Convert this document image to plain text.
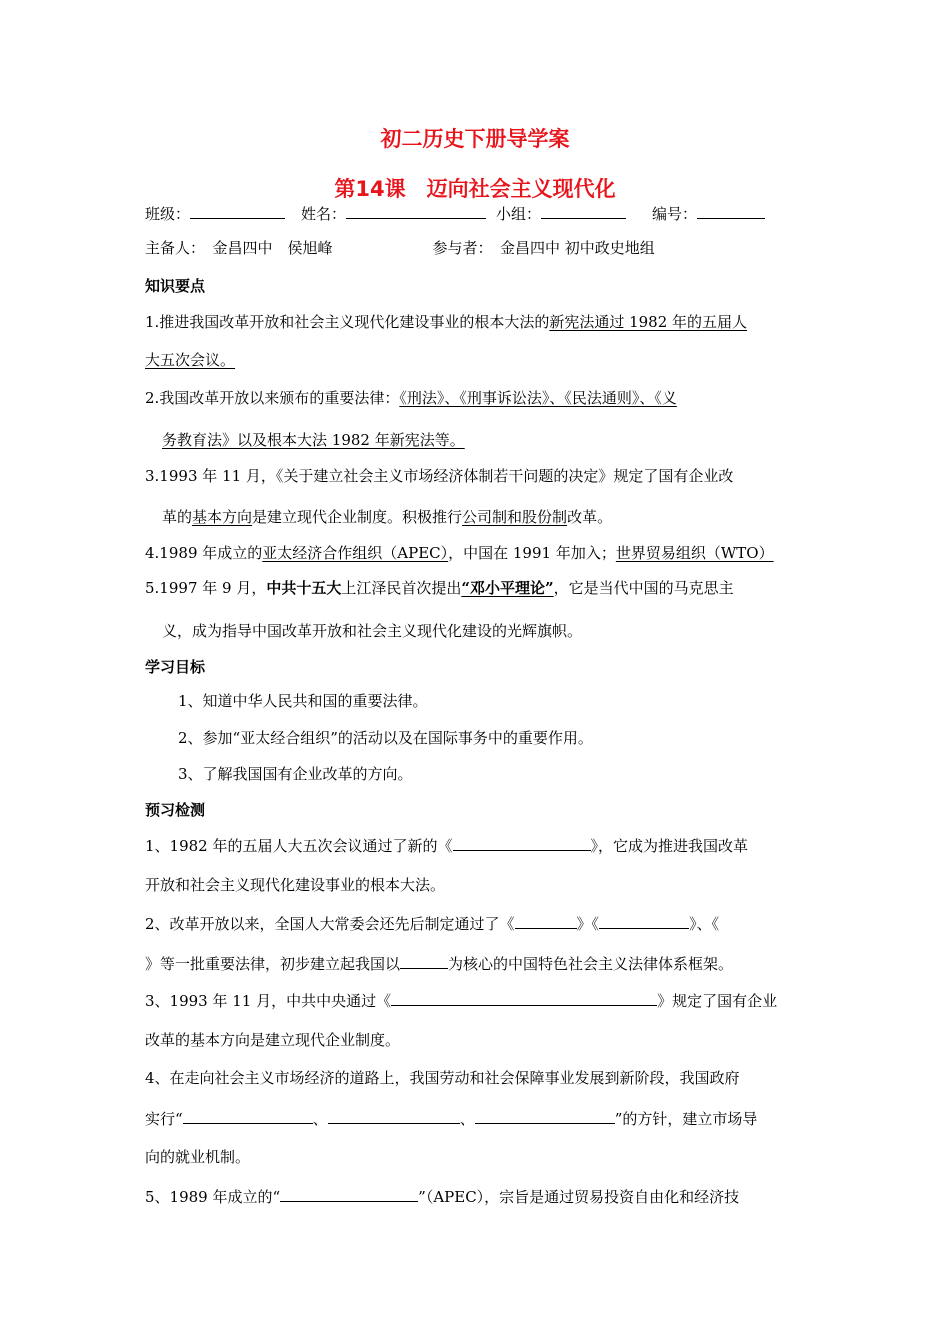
初二历史下册导学案
第14课　迈向社会主义现代化
班级：	姓名：	小组：	编号：
主备人：　金昌四中　侯旭峰	参与者：　金昌四中 初中政史地组
知识要点
1.推进我国改革开放和社会主义现代化建设事业的根本大法的新宪法通过 1982 年的五届人
大五次会议。
2.我国改革开放以来颁布的重要法律：《刑法》、《刑事诉讼法》、《民法通则》、《义
务教育法》以及根本大法 1982 年新宪法等。
3.1993 年 11 月，《关于建立社会主义市场经济体制若干问题的决定》规定了国有企业改
革的基本方向是建立现代企业制度。积极推行公司制和股份制改革。
4.1989 年成立的亚太经济合作组织（APEC），中国在 1991 年加入；世界贸易组织（WTO）
5.1997 年 9 月，中共十五大上江泽民首次提出“邓小平理论”，它是当代中国的马克思主
义，成为指导中国改革开放和社会主义现代化建设的光辉旗帜。
学习目标
1、知道中华人民共和国的重要法律。
2、参加“亚太经合组织”的活动以及在国际事务中的重要作用。
3、了解我国国有企业改革的方向。
预习检测
1、1982 年的五届人大五次会议通过了新的《	》，它成为推进我国改革
开放和社会主义现代化建设事业的根本大法。
2、改革开放以来，全国人大常委会还先后制定通过了《	》《	》、《
》等一批重要法律，初步建立起我国以	为核心的中国特色社会主义法律体系框架。
3、1993 年 11 月，中共中央通过《	》规定了国有企业
改革的基本方向是建立现代企业制度。
4、在走向社会主义市场经济的道路上，我国劳动和社会保障事业发展到新阶段，我国政府
实行“	、	、	”的方针，建立市场导
向的就业机制。
5、1989 年成立的“	”（APEC），宗旨是通过贸易投资自由化和经济技
